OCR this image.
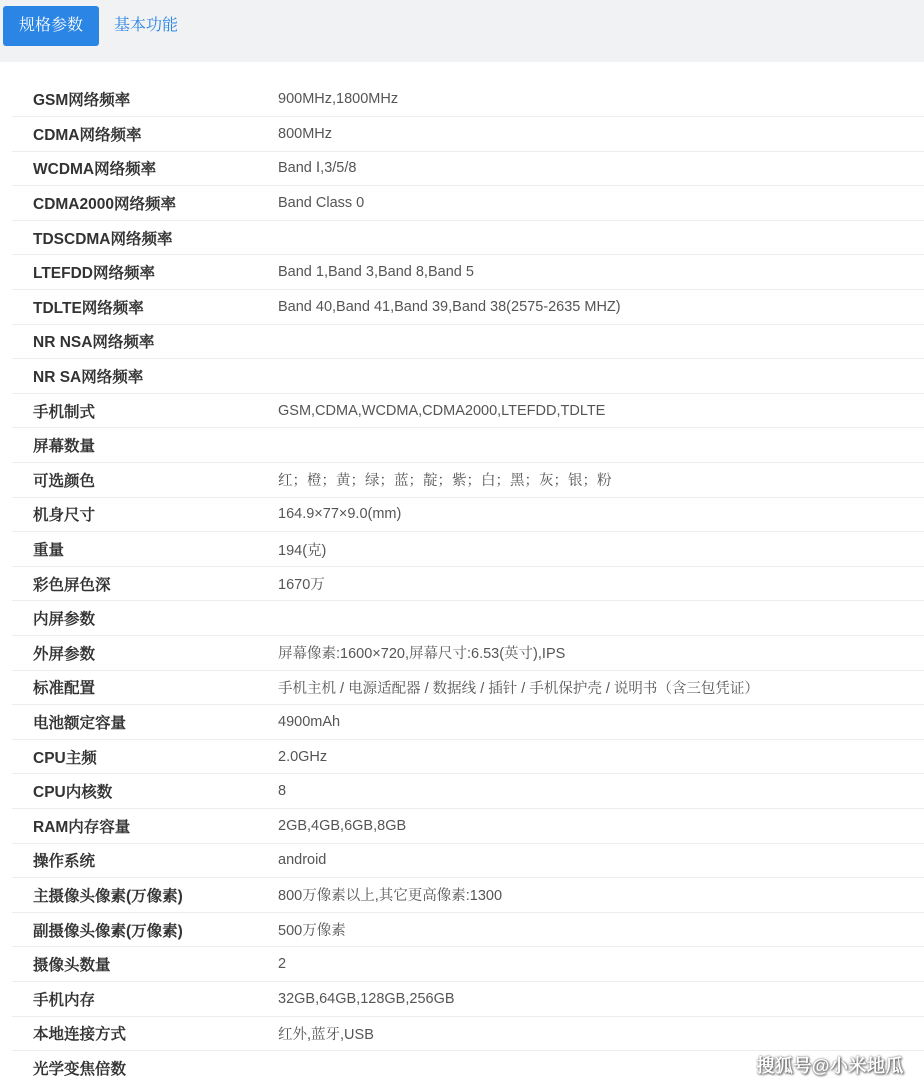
规格参数	基本功能
GSM网络频率	900MHz,1800MHz
CDMA网络频率	800MHz
WCDMA网络频率	Band Ⅰ,3/5/8
CDMA2000网络频率	Band Class 0
TDSCDMA网络频率	
LTEFDD网络频率	Band 1,Band 3,Band 8,Band 5
TDLTE网络频率	Band 40,Band 41,Band 39,Band 38(2575-2635 MHZ)
NR NSA网络频率	
NR SA网络频率	
手机制式	GSM,CDMA,WCDMA,CDMA2000,LTEFDD,TDLTE
屏幕数量	
可选颜色	红；橙；黄；绿；蓝；靛；紫；白；黑；灰；银；粉
机身尺寸	164.9×77×9.0(mm)
重量	194(克)
彩色屏色深	1670万
内屏参数	
外屏参数	屏幕像素:1600×720,屏幕尺寸:6.53(英寸),IPS
标准配置	手机主机 / 电源适配器 / 数据线 / 插针 / 手机保护壳 / 说明书（含三包凭证）
电池额定容量	4900mAh
CPU主频	2.0GHz
CPU内核数	8
RAM内存容量	2GB,4GB,6GB,8GB
操作系统	android
主摄像头像素(万像素)	800万像素以上,其它更高像素:1300
副摄像头像素(万像素)	500万像素
摄像头数量	2
手机内存	32GB,64GB,128GB,256GB
本地连接方式	红外,蓝牙,USB
光学变焦倍数		搜狐号@小米地瓜
